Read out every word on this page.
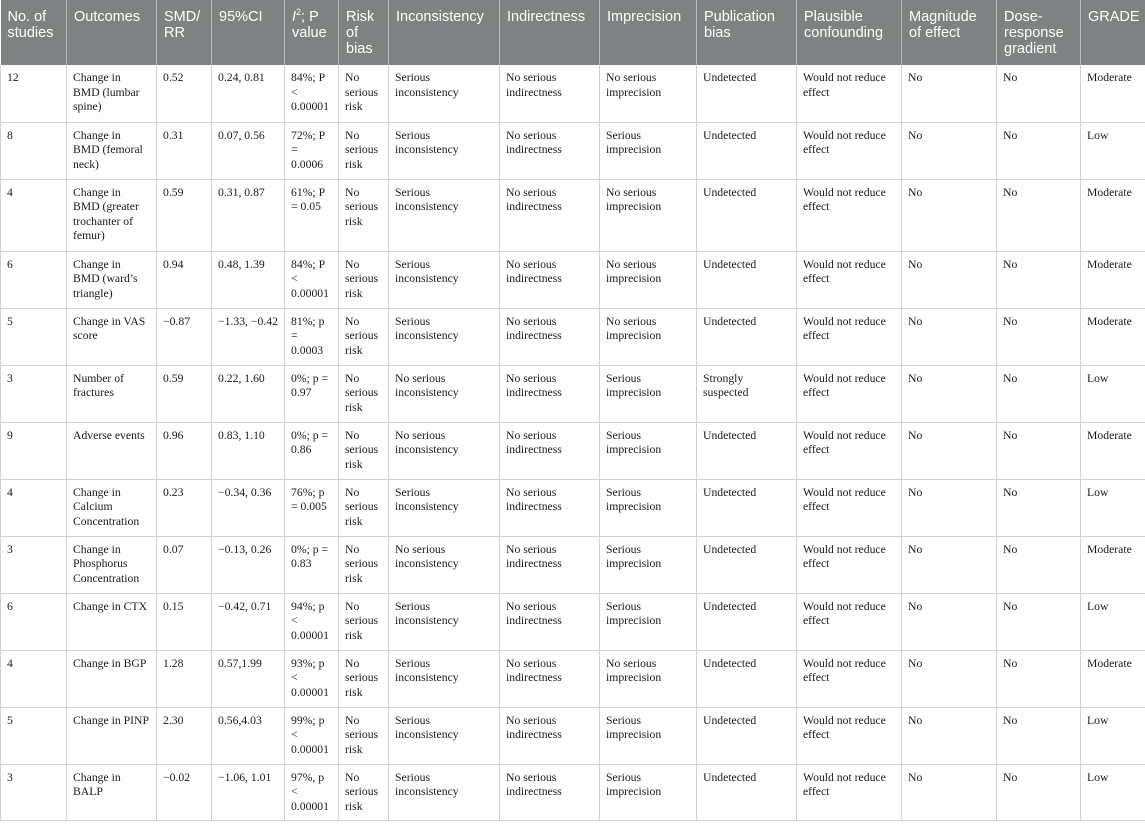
No. of studies	Outcomes	SMD/ RR	95%CI	$I^2$; P value	Risk of bias	Inconsistency	Indirectness	Imprecision	Publication bias	Plausible confounding	Magnitude of effect	Dose-response gradient	GRADE
12	Change in BMD (lumbar spine)	0.52	0.24, 0.81	84%; P < 0.00001	No serious risk	Serious inconsistency	No serious indirectness	No serious imprecision	Undetected	Would not reduce effect	No	No	Moderate
8	Change in BMD (femoral neck)	0.31	0.07, 0.56	72%; P = 0.0006	No serious risk	Serious inconsistency	No serious indirectness	Serious imprecision	Undetected	Would not reduce effect	No	No	Low
4	Change in BMD (greater trochanter of femur)	0.59	0.31, 0.87	61%; P = 0.05	No serious risk	Serious inconsistency	No serious indirectness	No serious imprecision	Undetected	Would not reduce effect	No	No	Moderate
6	Change in BMD (ward’s triangle)	0.94	0.48, 1.39	84%; P < 0.00001	No serious risk	Serious inconsistency	No serious indirectness	No serious imprecision	Undetected	Would not reduce effect	No	No	Moderate
5	Change in VAS score	−0.87	−1.33, −0.42	81%; p = 0.0003	No serious risk	Serious inconsistency	No serious indirectness	No serious imprecision	Undetected	Would not reduce effect	No	No	Moderate
3	Number of fractures	0.59	0.22, 1.60	0%; p = 0.97	No serious risk	No serious inconsistency	No serious indirectness	Serious imprecision	Strongly suspected	Would not reduce effect	No	No	Low
9	Adverse events	0.96	0.83, 1.10	0%; p = 0.86	No serious risk	No serious inconsistency	No serious indirectness	Serious imprecision	Undetected	Would not reduce effect	No	No	Moderate
4	Change in Calcium Concentration	0.23	−0.34, 0.36	76%; p = 0.005	No serious risk	Serious inconsistency	No serious indirectness	Serious imprecision	Undetected	Would not reduce effect	No	No	Low
3	Change in Phosphorus Concentration	0.07	−0.13, 0.26	0%; p = 0.83	No serious risk	No serious inconsistency	No serious indirectness	Serious imprecision	Undetected	Would not reduce effect	No	No	Moderate
6	Change in CTX	0.15	−0.42, 0.71	94%; p < 0.00001	No serious risk	Serious inconsistency	No serious indirectness	Serious imprecision	Undetected	Would not reduce effect	No	No	Low
4	Change in BGP	1.28	0.57,1.99	93%; p < 0.00001	No serious risk	Serious inconsistency	No serious indirectness	No serious imprecision	Undetected	Would not reduce effect	No	No	Moderate
5	Change in PINP	2.30	0.56,4.03	99%; p < 0.00001	No serious risk	Serious inconsistency	No serious indirectness	Serious imprecision	Undetected	Would not reduce effect	No	No	Low
3	Change in BALP	−0.02	−1.06, 1.01	97%, p < 0.00001	No serious risk	Serious inconsistency	No serious indirectness	Serious imprecision	Undetected	Would not reduce effect	No	No	Low
